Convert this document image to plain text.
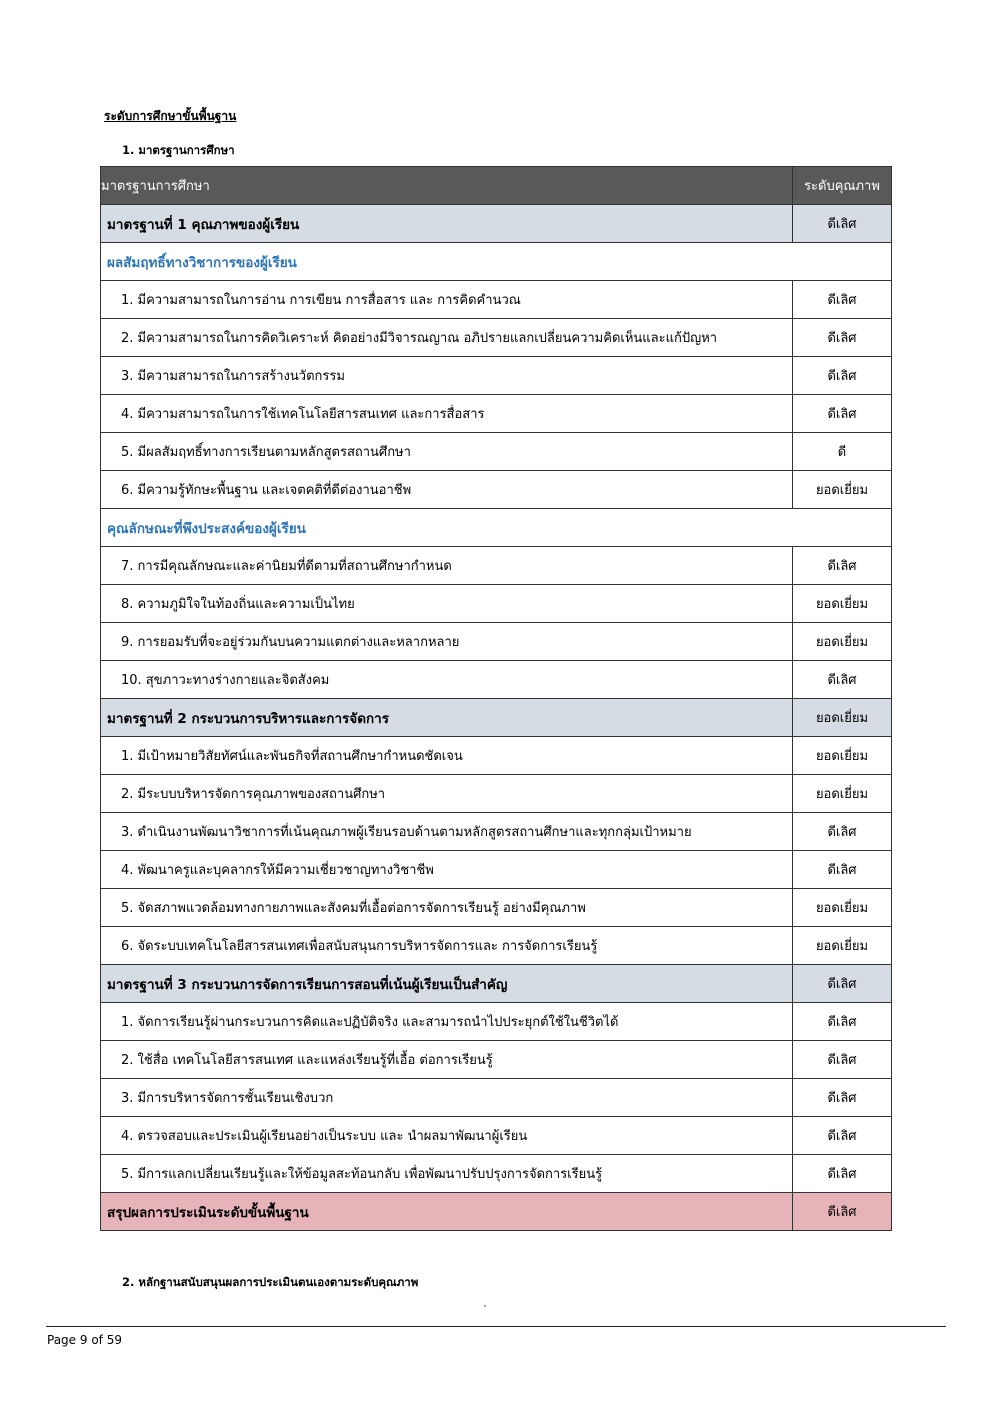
ระดับการศึกษาขั้นพื้นฐาน
1. มาตรฐานการศึกษา
มาตรฐานการศึกษา	ระดับคุณภาพ
มาตรฐานที่ 1 คุณภาพของผู้เรียน	ดีเลิศ
ผลสัมฤทธิ์ทางวิชาการของผู้เรียน	
1. มีความสามารถในการอ่าน การเขียน การสื่อสาร และ การคิดคำนวณ	ดีเลิศ
2. มีความสามารถในการคิดวิเคราะห์ คิดอย่างมีวิจารณญาณ อภิปรายแลกเปลี่ยนความคิดเห็นและแก้ปัญหา	ดีเลิศ
3. มีความสามารถในการสร้างนวัตกรรม	ดีเลิศ
4. มีความสามารถในการใช้เทคโนโลยีสารสนเทศ และการสื่อสาร	ดีเลิศ
5. มีผลสัมฤทธิ์ทางการเรียนตามหลักสูตรสถานศึกษา	ดี
6. มีความรู้ทักษะพื้นฐาน และเจตคติที่ดีต่องานอาชีพ	ยอดเยี่ยม
คุณลักษณะที่พึงประสงค์ของผู้เรียน	
7. การมีคุณลักษณะและค่านิยมที่ดีตามที่สถานศึกษากำหนด	ดีเลิศ
8. ความภูมิใจในท้องถิ่นและความเป็นไทย	ยอดเยี่ยม
9. การยอมรับที่จะอยู่ร่วมกันบนความแตกต่างและหลากหลาย	ยอดเยี่ยม
10. สุขภาวะทางร่างกายและจิตสังคม	ดีเลิศ
มาตรฐานที่ 2 กระบวนการบริหารและการจัดการ	ยอดเยี่ยม
1. มีเป้าหมายวิสัยทัศน์และพันธกิจที่สถานศึกษากำหนดชัดเจน	ยอดเยี่ยม
2. มีระบบบริหารจัดการคุณภาพของสถานศึกษา	ยอดเยี่ยม
3. ดำเนินงานพัฒนาวิชาการที่เน้นคุณภาพผู้เรียนรอบด้านตามหลักสูตรสถานศึกษาและทุกกลุ่มเป้าหมาย	ดีเลิศ
4. พัฒนาครูและบุคลากรให้มีความเชี่ยวชาญทางวิชาชีพ	ดีเลิศ
5. จัดสภาพแวดล้อมทางกายภาพและสังคมที่เอื้อต่อการจัดการเรียนรู้ อย่างมีคุณภาพ	ยอดเยี่ยม
6. จัดระบบเทคโนโลยีสารสนเทศเพื่อสนับสนุนการบริหารจัดการและ การจัดการเรียนรู้	ยอดเยี่ยม
มาตรฐานที่ 3 กระบวนการจัดการเรียนการสอนที่เน้นผู้เรียนเป็นสำคัญ	ดีเลิศ
1. จัดการเรียนรู้ผ่านกระบวนการคิดและปฏิบัติจริง และสามารถนำไปประยุกต์ใช้ในชีวิตได้	ดีเลิศ
2. ใช้สื่อ เทคโนโลยีสารสนเทศ และแหล่งเรียนรู้ที่เอื้อ ต่อการเรียนรู้	ดีเลิศ
3. มีการบริหารจัดการชั้นเรียนเชิงบวก	ดีเลิศ
4. ตรวจสอบและประเมินผู้เรียนอย่างเป็นระบบ และ นำผลมาพัฒนาผู้เรียน	ดีเลิศ
5. มีการแลกเปลี่ยนเรียนรู้และให้ข้อมูลสะท้อนกลับ เพื่อพัฒนาปรับปรุงการจัดการเรียนรู้	ดีเลิศ
สรุปผลการประเมินระดับขั้นพื้นฐาน	ดีเลิศ
2. หลักฐานสนับสนุนผลการประเมินตนเองตามระดับคุณภาพ
Page 9 of 59
